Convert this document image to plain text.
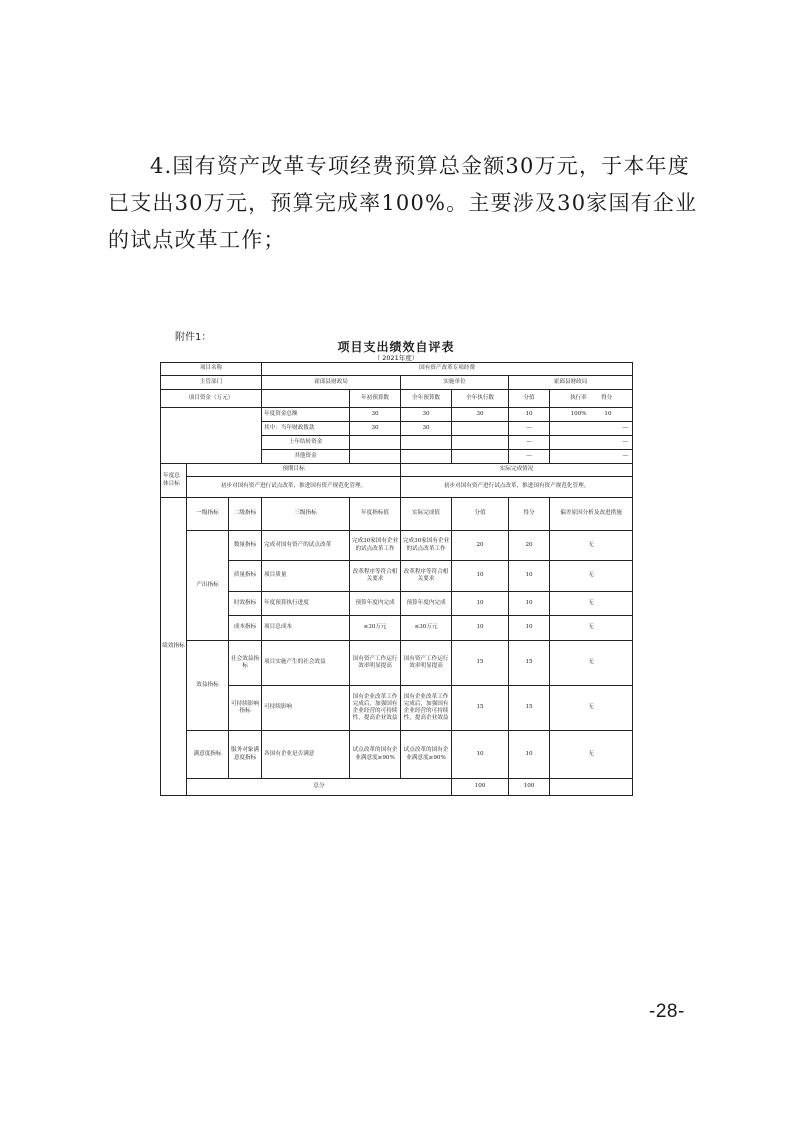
4.国有资产改革专项经费预算总金额30万元，于本年度已支出30万元，预算完成率100%。主要涉及30家国有企业的试点改革工作；

附件1：
项目支出绩效自评表
（ 2021年度）
项目名称			国有资产改革专项经费					
主管部门			霍邱县财政局		实施单位		霍邱县财政局	
项目资金（万元）				年初预算数	全年预算数	全年执行数	分值	执行率 得分
			年度资金总额	30	30	30	10	100% 10
			其中：当年财政拨款	30	30		—	—
			上年结转资金				—	—
			其他资金				—	—
年度总体目标	预期目标				实际完成情况			
	初步对国有资产进行试点改革，推进国有资产规范化管理。				初步对国有资产进行试点改革，推进国有资产规范化管理。			
绩效指标	一级指标	二级指标	三级指标	年度指标值	实际完成值	分值	得分	偏差原因分析及改进措施
	产出指标	数量指标	完成对国有资产的试点改革	完成30家国有企业的试点改革工作	完成30家国有企业的试点改革工作	20	20	无
		质量指标	项目质量	改革程序等符合相关要求	改革程序等符合相关要求	10	10	无
		时效指标	年度预算执行进度	预算年度内完成	预算年度内完成	10	10	无
		成本指标	项目总成本	≤30万元	≤30万元	10	10	无
	效益指标	社会效益指标	项目实施产生的社会效益	国有资产工作运行效率明显提高	国有资产工作运行效率明显提高	15	15	无
		可持续影响指标	可持续影响	国有企业改革工作完成后，加强国有企业经营的可持续性，提高企业效益	国有企业改革工作完成后，加强国有企业经营的可持续性，提高企业效益	15	15	无
	满意度指标	服务对象满意度指标	各国有企业是否满意	试点改革的国有企业满意度≥90%	试点改革的国有企业满意度≥90%	10	10	无
	总分					100	100	
-28-
